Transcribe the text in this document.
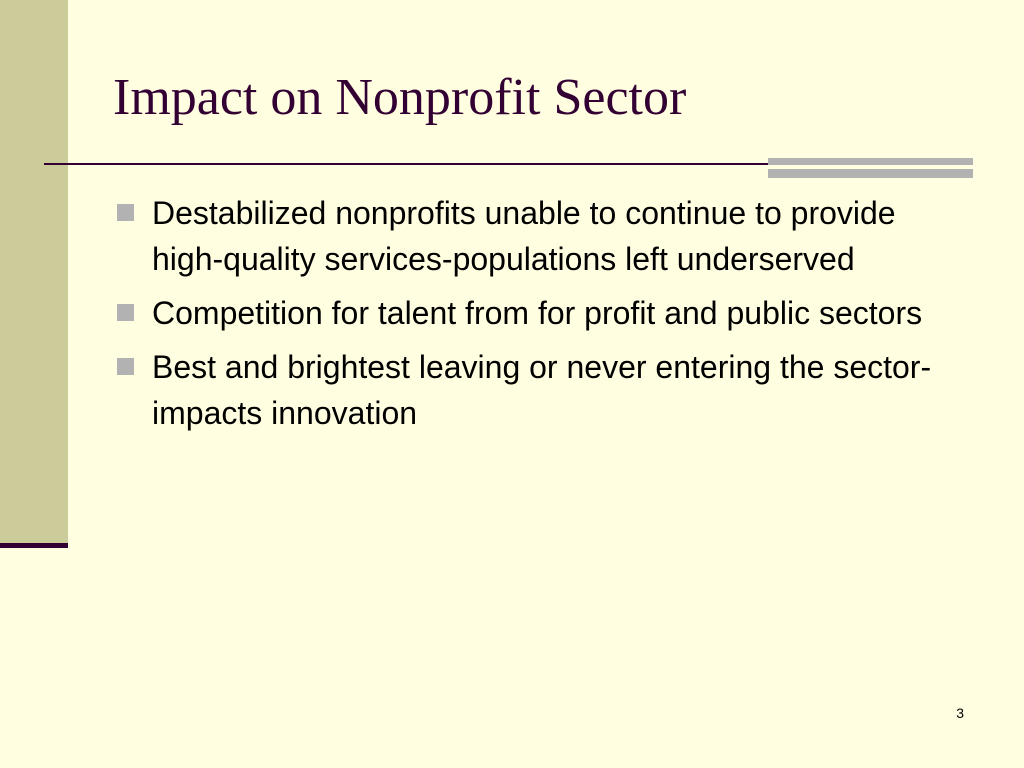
Impact on Nonprofit Sector
Destabilized nonprofits unable to continue to provide high-quality services-populations left underserved
Competition for talent from for profit and public sectors
Best and brightest leaving or never entering the sector- impacts innovation
3
